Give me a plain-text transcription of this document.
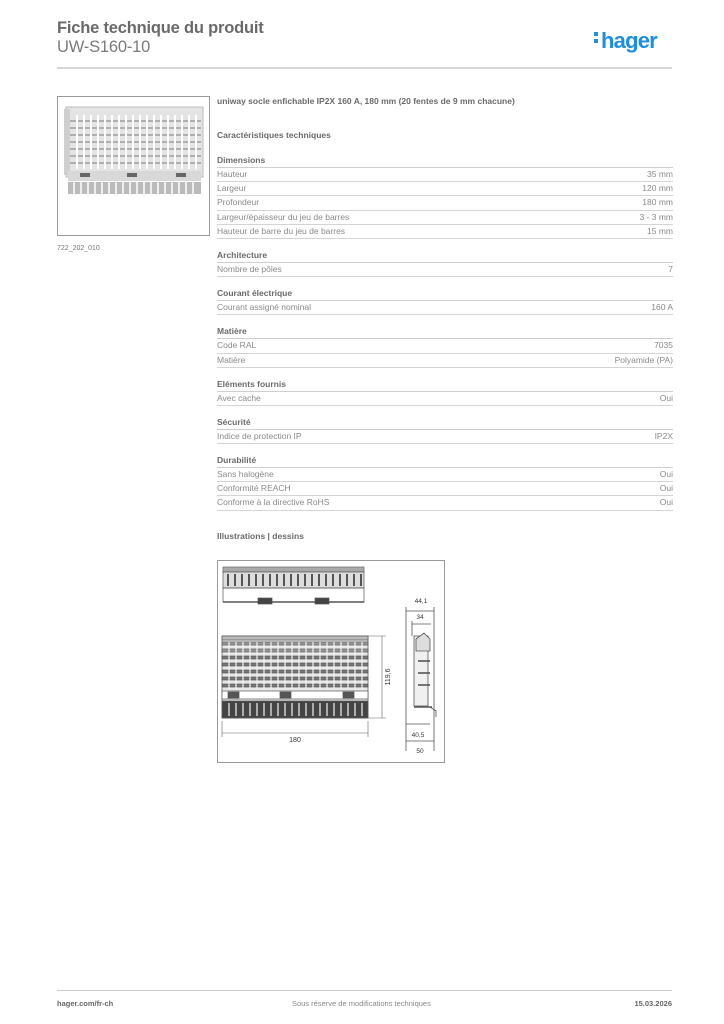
Fiche technique du produit
UW-S160-10	hager
722_202_010
uniway socle enfichable IP2X 160 A, 180 mm (20 fentes de 9 mm chacune)
Caractéristiques techniques
Dimensions
Hauteur	35 mm
Largeur	120 mm
Profondeur	180 mm
Largeur/épaisseur du jeu de barres	3 - 3 mm
Hauteur de barre du jeu de barres	15 mm
Architecture
Nombre de pôles	7
Courant électrique
Courant assigné nominal	160 A
Matière
Code RAL	7035
Matière	Polyamide (PA)
Eléments fournis
Avec cache	Oui
Sécurité
Indice de protection IP	IP2X
Durabilité
Sans halogène	Oui
Conformité REACH	Oui
Conforme à la directive RoHS	Oui
Illustrations | dessins
180
119,6
44,1
34
40,5
50
hager.com/fr-ch	Sous réserve de modifications techniques	15.03.2026
